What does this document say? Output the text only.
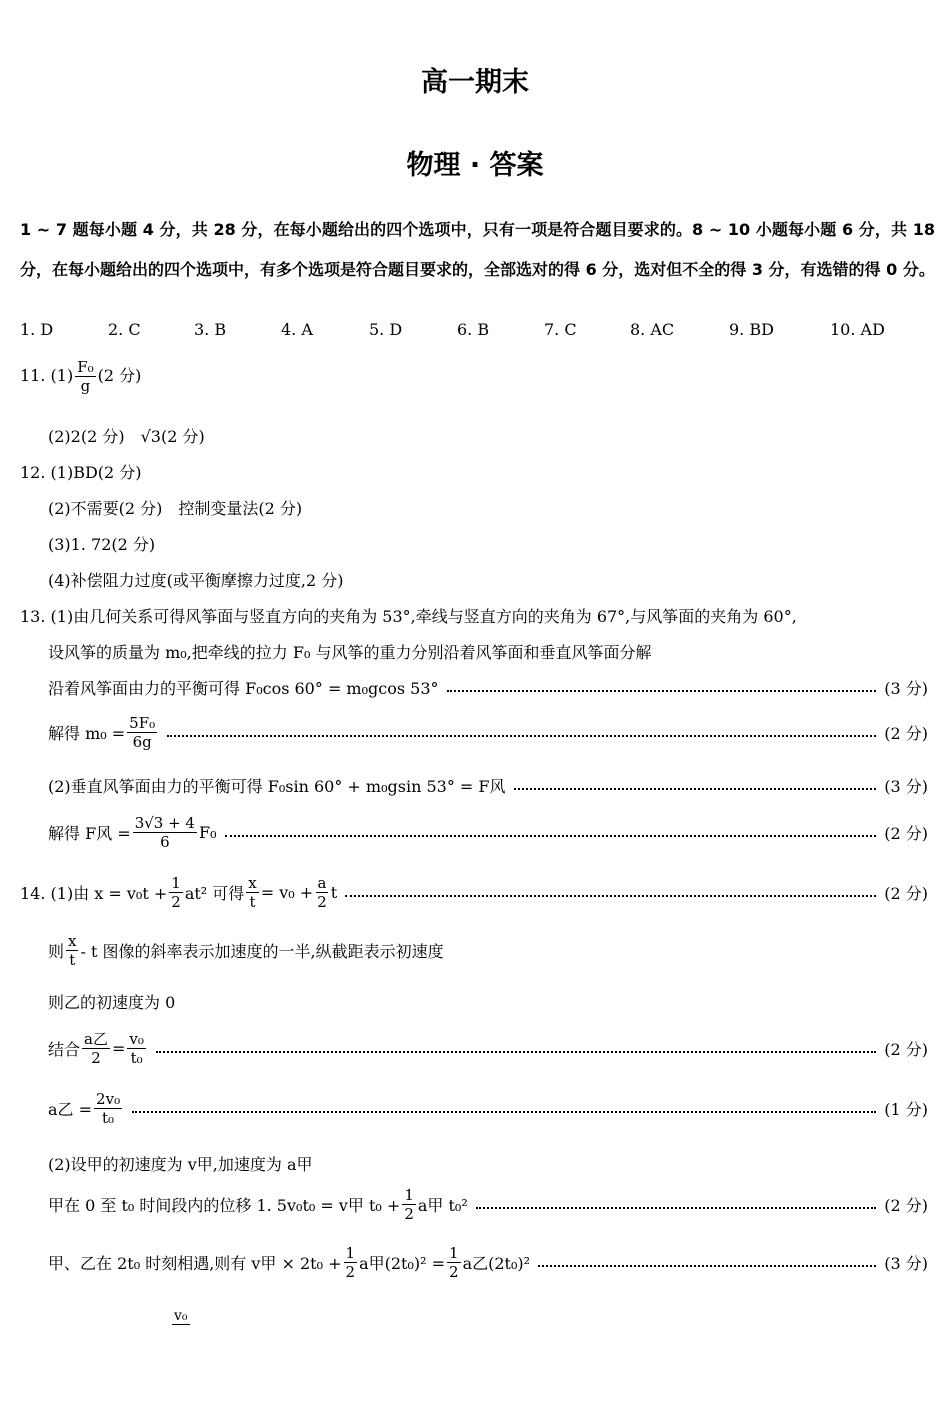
高一期末
物理 · 答案
1 ~ 7 题每小题 4 分，共 28 分，在每小题给出的四个选项中，只有一项是符合题目要求的。8 ~ 10 小题每小题 6 分，共 18 分，在每小题给出的四个选项中，有多个选项是符合题目要求的，全部选对的得 6 分，选对但不全的得 3 分，有选错的得 0 分。
1. D	2. C	3. B	4. A	5. D	6. B	7. C	8. AC	9. BD	10. AD
11. $(1) \frac{\text{F₀}}{g} (2$ 分)
(2)2(2 分)　√3(2 分)
12. (1)BD(2 分)
(2)不需要(2 分)　控制变量法(2 分)
(3)1. 72(2 分)
(4)补偿阻力过度(或平衡摩擦力过度,2 分)
13. (1)由几何关系可得风筝面与竖直方向的夹角为 53°,牵线与竖直方向的夹角为 67°,与风筝面的夹角为 60°,
设风筝的质量为 m₀,把牵线的拉力 F₀ 与风筝的重力分别沿着风筝面和垂直风筝面分解
沿着风筝面由力的平衡可得 F₀cos 60° = m₀gcos 53°	(3 分)
解得 $m_0 = \frac{\text{5F₀}}{6g}$	(2 分)
(2)垂直风筝面由力的平衡可得 F₀sin 60° + m₀gsin 53° = F风	(3 分)
解得 F风 = $\frac{3√3 + 4}{6} F_0$	(2 分)
14. (1)由 $x = v_0t + \frac{1}{2} at^2$ 可得 $\frac{x}{t} = v_0 + \frac{a}{2}$ t	(2 分)
则 $\frac{x}{t}$ - t 图像的斜率表示加速度的一半,纵截距表示初速度
则乙的初速度为 0
结合 $\frac{\text{a乙}}{2} = \frac{\text{v₀}}{\text{t₀}}$	(2 分)
a乙 = $\frac{\text{2v₀}}{\text{t₀}}$	(1 分)
(2)设甲的初速度为 v甲,加速度为 a甲
甲在 0 至 t₀ 时间段内的位移 1. 5v₀t₀ = v甲 $t_0 + \frac{1}{2}$ a甲 t₀²	(2 分)
甲、乙在 2t₀ 时刻相遇,则有 v甲 × $2t_0 + \frac{1}{2}$ a甲$(2t_0)^2 = \frac{1}{2}$ a乙(2t₀)²	(3 分)
v₀
